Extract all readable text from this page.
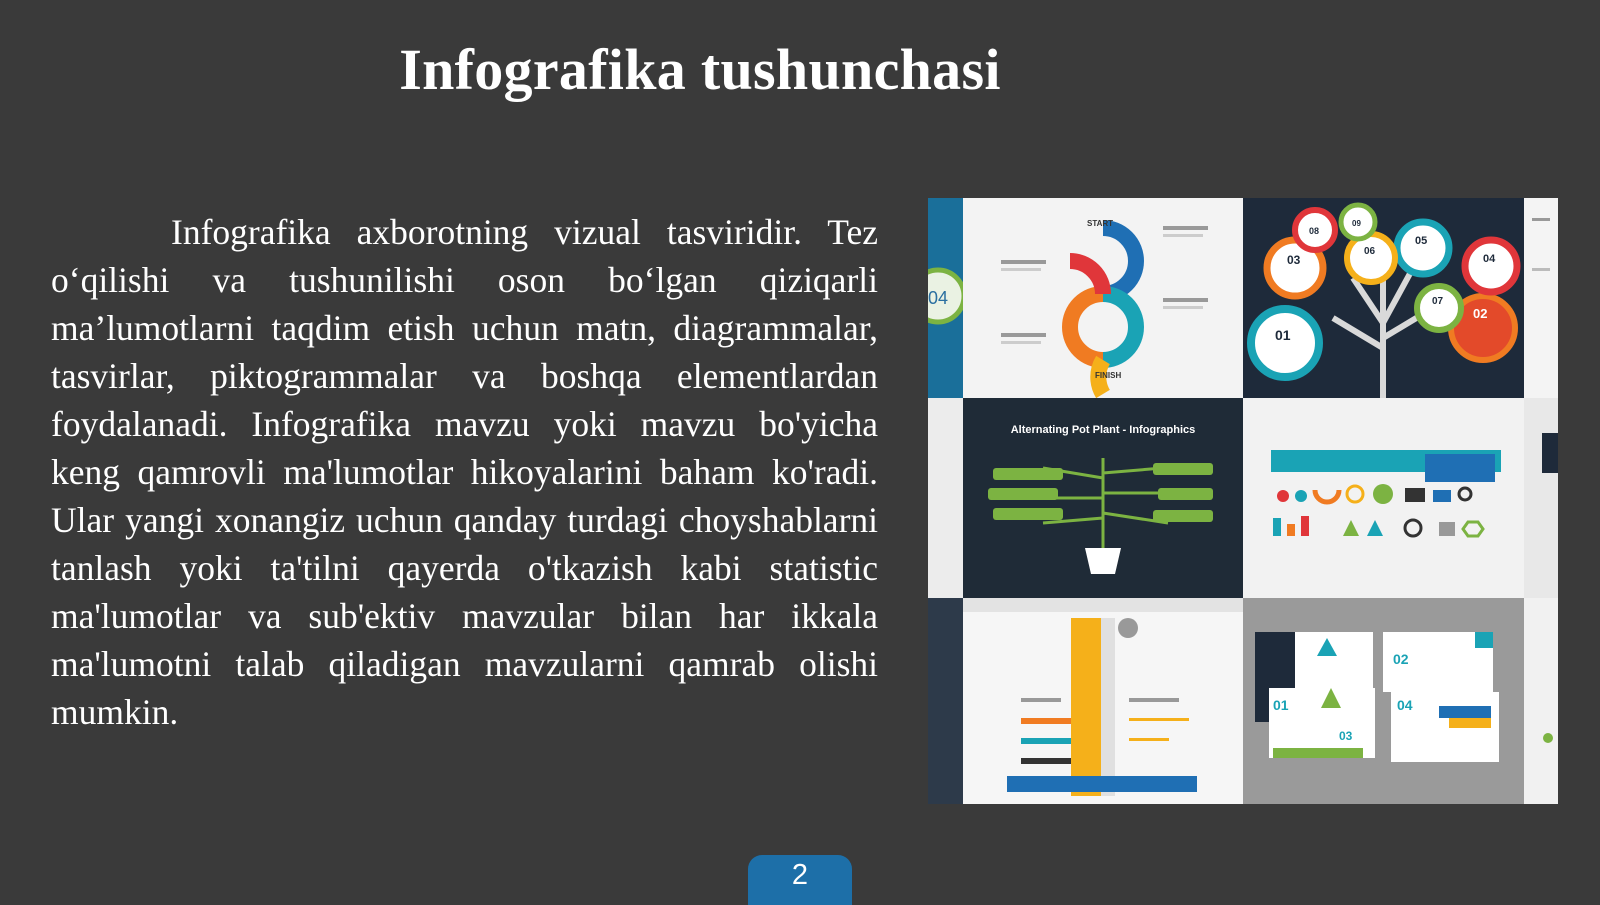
Infografika tushunchasi

Infografika axborotning vizual tasviridir. Tez o‘qilishi va tushunilishi oson bo‘lgan qiziqarli ma’lumotlarni taqdim etish uchun matn, diagrammalar, tasvirlar, piktogrammalar va boshqa elementlardan foydalanadi. Infografika mavzu yoki mavzu bo'yicha keng qamrovli ma'lumotlar hikoyalarini baham ko'radi. Ular yangi xonangiz uchun qanday turdagi choyshablarni tanlash yoki ta'tilni qayerda o'tkazish kabi statistic ma'lumotlar va sub'ektiv mavzular bilan har ikkala ma'lumotni talab qiladigan mavzularni qamrab olishi mumkin.

04
START
FINISH
01
02
03	04
05
06
07
08
09
Alternating Pot Plant - Infographics
01
02
03
04
2
